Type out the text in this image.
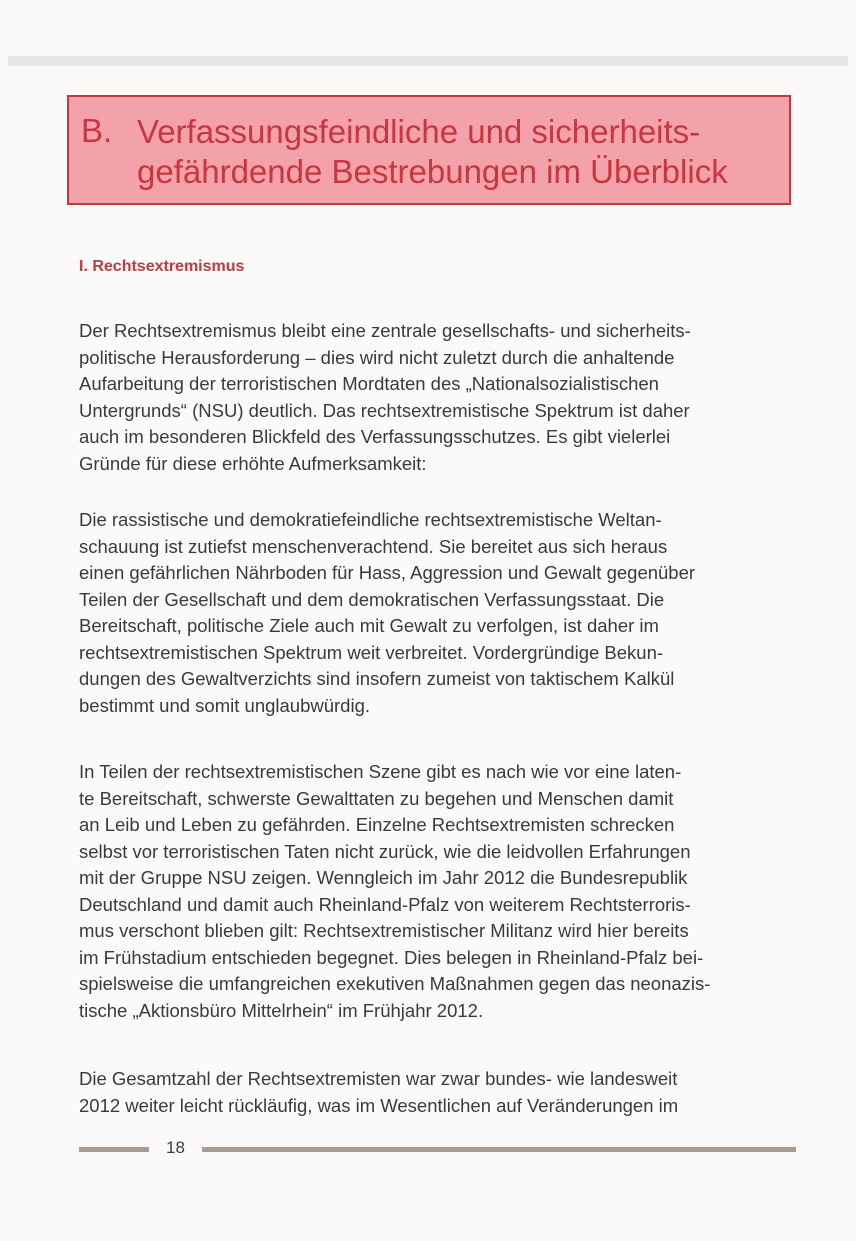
B. Verfassungsfeindliche und sicherheits-
gefährdende Bestrebungen im Überblick
I. Rechtsextremismus
Der Rechtsextremismus bleibt eine zentrale gesellschafts- und sicherheits-
politische Herausforderung – dies wird nicht zuletzt durch die anhaltende
Aufarbeitung der terroristischen Mordtaten des „Nationalsozialistischen
Untergrunds“ (NSU) deutlich. Das rechtsextremistische Spektrum ist daher
auch im besonderen Blickfeld des Verfassungsschutzes. Es gibt vielerlei
Gründe für diese erhöhte Aufmerksamkeit:
Die rassistische und demokratiefeindliche rechtsextremistische Weltan-
schauung ist zutiefst menschenverachtend. Sie bereitet aus sich heraus
einen gefährlichen Nährboden für Hass, Aggression und Gewalt gegenüber
Teilen der Gesellschaft und dem demokratischen Verfassungsstaat. Die
Bereitschaft, politische Ziele auch mit Gewalt zu verfolgen, ist daher im
rechtsextremistischen Spektrum weit verbreitet. Vordergründige Bekun-
dungen des Gewaltverzichts sind insofern zumeist von taktischem Kalkül
bestimmt und somit unglaubwürdig.
In Teilen der rechtsextremistischen Szene gibt es nach wie vor eine laten-
te Bereitschaft, schwerste Gewalttaten zu begehen und Menschen damit
an Leib und Leben zu gefährden. Einzelne Rechtsextremisten schrecken
selbst vor terroristischen Taten nicht zurück, wie die leidvollen Erfahrungen
mit der Gruppe NSU zeigen. Wenngleich im Jahr 2012 die Bundesrepublik
Deutschland und damit auch Rheinland-Pfalz von weiterem Rechtsterroris-
mus verschont blieben gilt: Rechtsextremistischer Militanz wird hier bereits
im Frühstadium entschieden begegnet. Dies belegen in Rheinland-Pfalz bei-
spielsweise die umfangreichen exekutiven Maßnahmen gegen das neonazis-
tische „Aktionsbüro Mittelrhein“ im Frühjahr 2012.
Die Gesamtzahl der Rechtsextremisten war zwar bundes- wie landesweit
2012 weiter leicht rückläufig, was im Wesentlichen auf Veränderungen im
18
